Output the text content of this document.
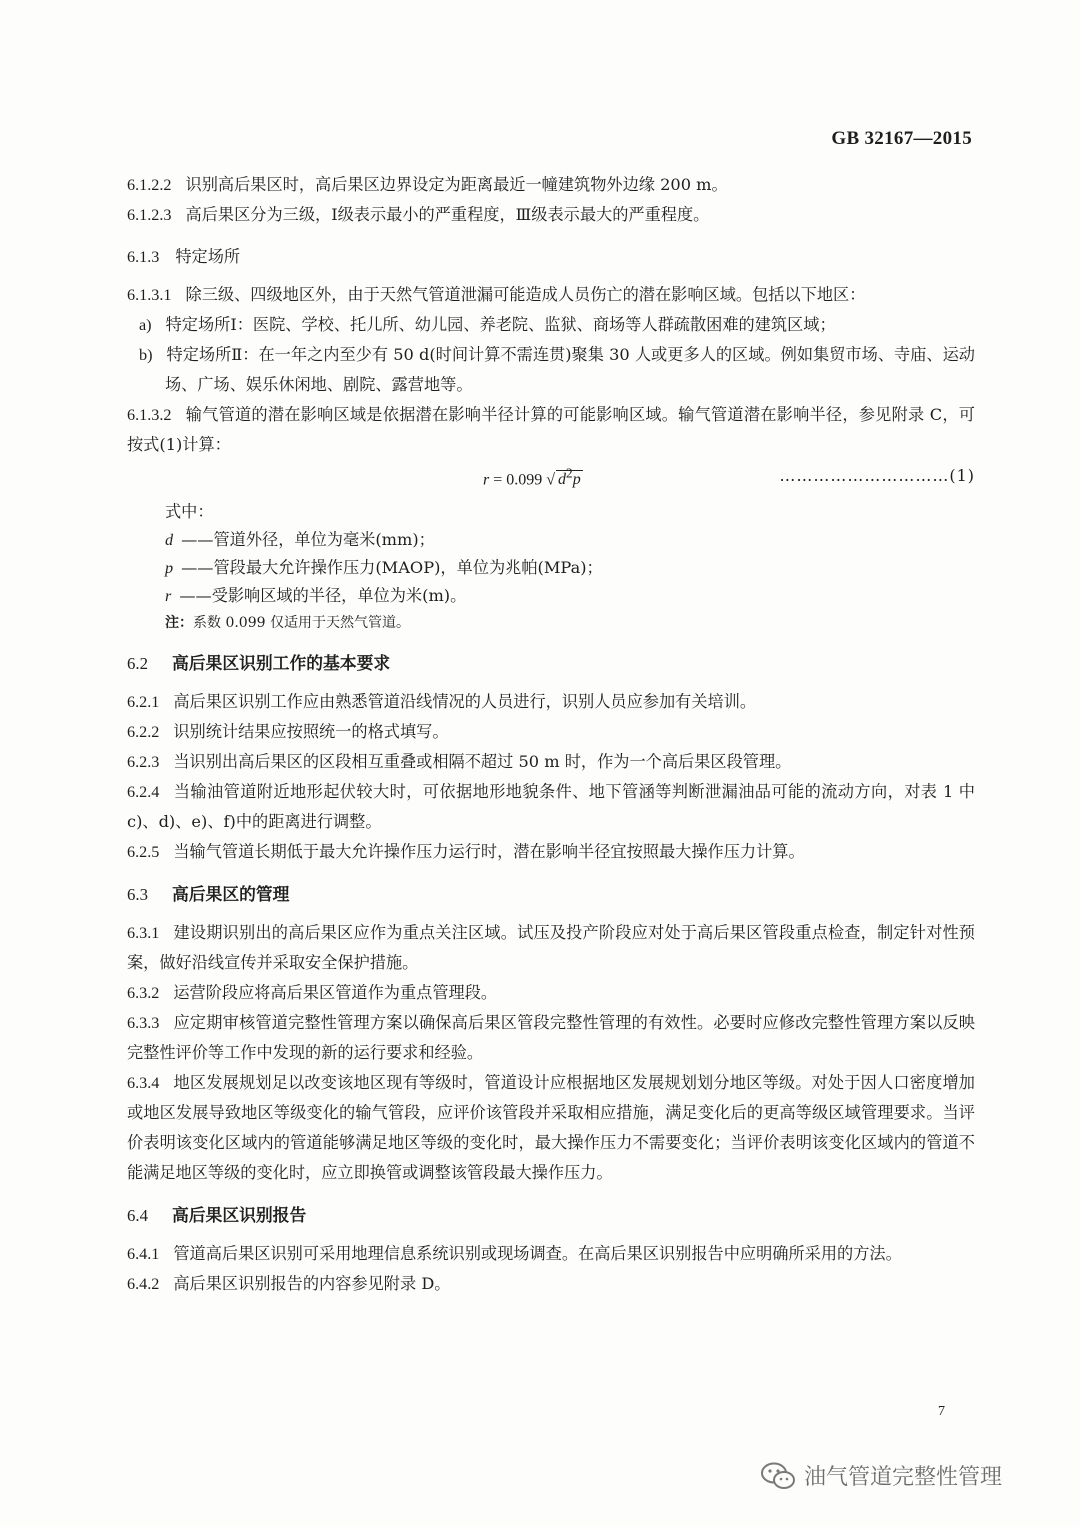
GB 32167—2015
6.1.2.2 识别高后果区时，高后果区边界设定为距离最近一幢建筑物外边缘 200 m。
6.1.2.3 高后果区分为三级，Ⅰ级表示最小的严重程度，Ⅲ级表示最大的严重程度。
6.1.3 特定场所
6.1.3.1 除三级、四级地区外，由于天然气管道泄漏可能造成人员伤亡的潜在影响区域。包括以下地区：
a) 特定场所Ⅰ：医院、学校、托儿所、幼儿园、养老院、监狱、商场等人群疏散困难的建筑区域；
b) 特定场所Ⅱ：在一年之内至少有 50 d(时间计算不需连贯)聚集 30 人或更多人的区域。例如集贸市场、寺庙、运动场、广场、娱乐休闲地、剧院、露营地等。
6.1.3.2 输气管道的潜在影响区域是依据潜在影响半径计算的可能影响区域。输气管道潜在影响半径，参见附录 C，可按式(1)计算：
r = 0.099 √ $d^2p$	…………………………(1)
式中：
d ——管道外径，单位为毫米(mm)；
p ——管段最大允许操作压力(MAOP)，单位为兆帕(MPa)；
r ——受影响区域的半径，单位为米(m)。
注：系数 0.099 仅适用于天然气管道。
6.2 高后果区识别工作的基本要求
6.2.1 高后果区识别工作应由熟悉管道沿线情况的人员进行，识别人员应参加有关培训。
6.2.2 识别统计结果应按照统一的格式填写。
6.2.3 当识别出高后果区的区段相互重叠或相隔不超过 50 m 时，作为一个高后果区段管理。
6.2.4 当输油管道附近地形起伏较大时，可依据地形地貌条件、地下管涵等判断泄漏油品可能的流动方向，对表 1 中 c)、d)、e)、f)中的距离进行调整。
6.2.5 当输气管道长期低于最大允许操作压力运行时，潜在影响半径宜按照最大操作压力计算。
6.3 高后果区的管理
6.3.1 建设期识别出的高后果区应作为重点关注区域。试压及投产阶段应对处于高后果区管段重点检查，制定针对性预案，做好沿线宣传并采取安全保护措施。
6.3.2 运营阶段应将高后果区管道作为重点管理段。
6.3.3 应定期审核管道完整性管理方案以确保高后果区管段完整性管理的有效性。必要时应修改完整性管理方案以反映完整性评价等工作中发现的新的运行要求和经验。
6.3.4 地区发展规划足以改变该地区现有等级时，管道设计应根据地区发展规划划分地区等级。对处于因人口密度增加或地区发展导致地区等级变化的输气管段，应评价该管段并采取相应措施，满足变化后的更高等级区域管理要求。当评价表明该变化区域内的管道能够满足地区等级的变化时，最大操作压力不需要变化；当评价表明该变化区域内的管道不能满足地区等级的变化时，应立即换管或调整该管段最大操作压力。
6.4 高后果区识别报告
6.4.1 管道高后果区识别可采用地理信息系统识别或现场调查。在高后果区识别报告中应明确所采用的方法。
6.4.2 高后果区识别报告的内容参见附录 D。
7
油气管道完整性管理
